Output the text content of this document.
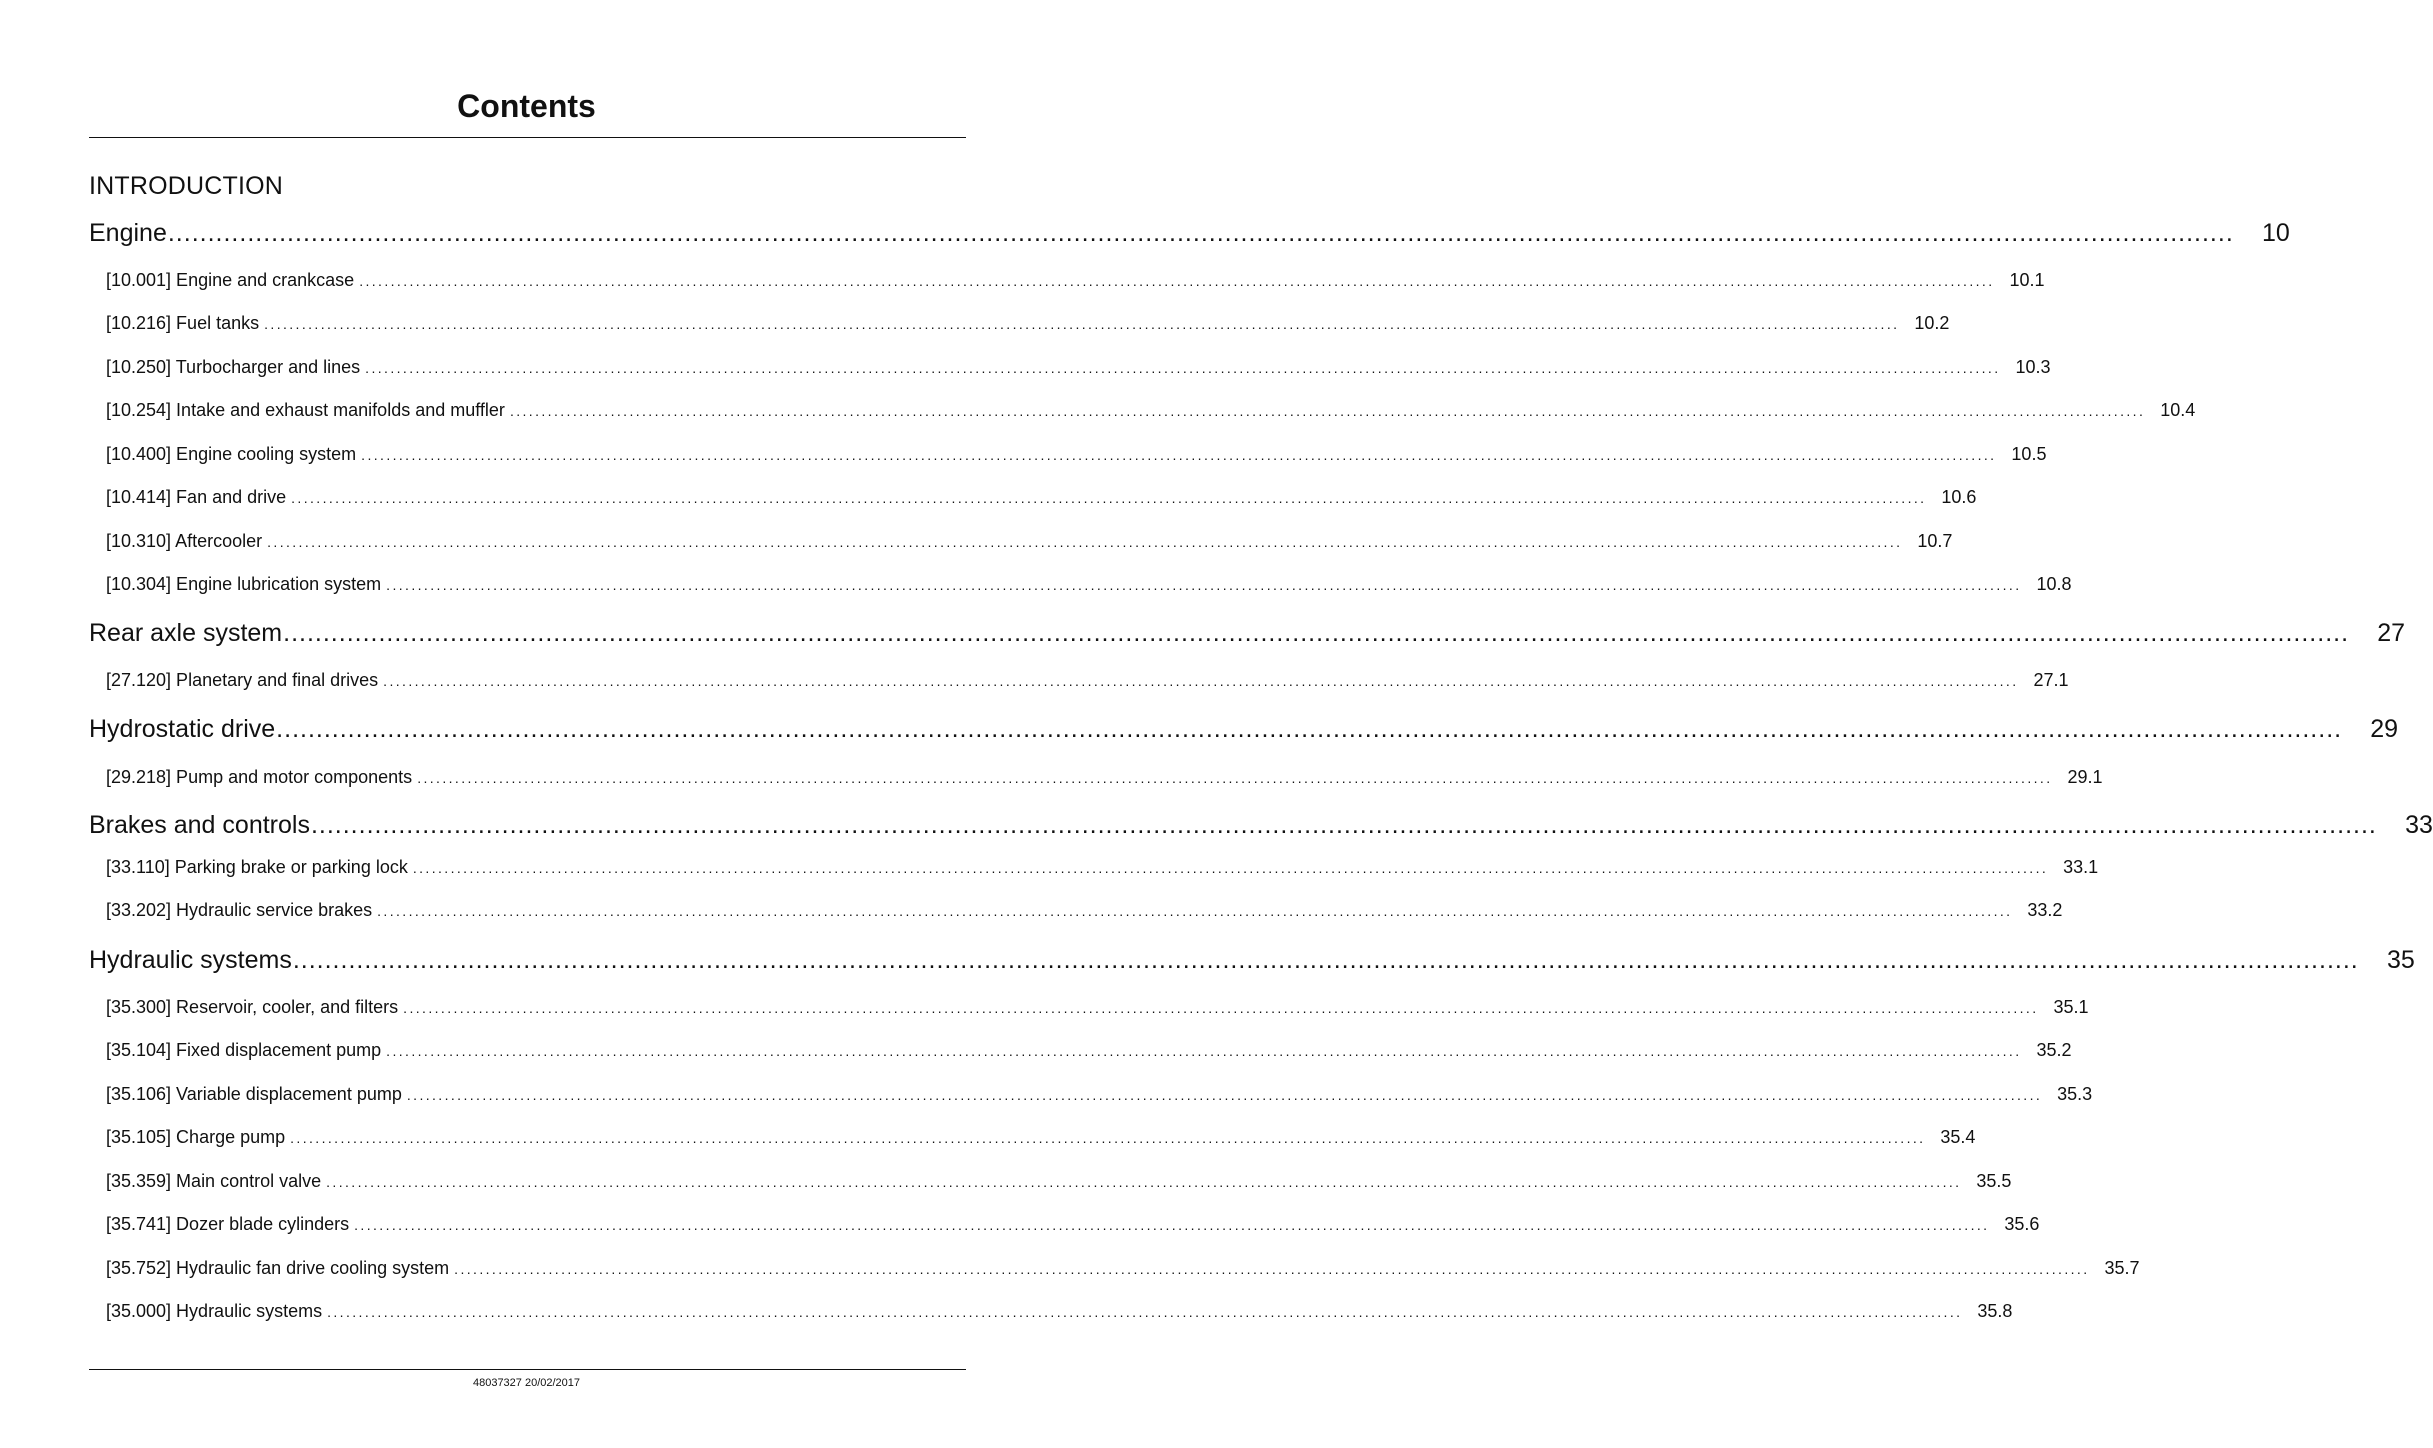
Contents
INTRODUCTION
Engine ....................................................................................................................................................................................................................................................................	10
[10.001] Engine and crankcase .................................................................................................................................................................................................................................................................... 10.1
[10.216] Fuel tanks .................................................................................................................................................................................................................................................................... 10.2
[10.250] Turbocharger and lines .................................................................................................................................................................................................................................................................... 10.3
[10.254] Intake and exhaust manifolds and muffler .................................................................................................................................................................................................................................................................... 10.4
[10.400] Engine cooling system .................................................................................................................................................................................................................................................................... 10.5
[10.414] Fan and drive .................................................................................................................................................................................................................................................................... 10.6
[10.310] Aftercooler .................................................................................................................................................................................................................................................................... 10.7
[10.304] Engine lubrication system .................................................................................................................................................................................................................................................................... 10.8
Rear axle system ....................................................................................................................................................................................................................................................................	27
[27.120] Planetary and final drives .................................................................................................................................................................................................................................................................... 27.1
Hydrostatic drive ....................................................................................................................................................................................................................................................................	29
[29.218] Pump and motor components .................................................................................................................................................................................................................................................................... 29.1
Brakes and controls ....................................................................................................................................................................................................................................................................	33
[33.110] Parking brake or parking lock .................................................................................................................................................................................................................................................................... 33.1
[33.202] Hydraulic service brakes .................................................................................................................................................................................................................................................................... 33.2
Hydraulic systems ....................................................................................................................................................................................................................................................................	35
[35.300] Reservoir, cooler, and filters .................................................................................................................................................................................................................................................................... 35.1
[35.104] Fixed displacement pump .................................................................................................................................................................................................................................................................... 35.2
[35.106] Variable displacement pump .................................................................................................................................................................................................................................................................... 35.3
[35.105] Charge pump .................................................................................................................................................................................................................................................................... 35.4
[35.359] Main control valve .................................................................................................................................................................................................................................................................... 35.5
[35.741] Dozer blade cylinders .................................................................................................................................................................................................................................................................... 35.6
[35.752] Hydraulic fan drive cooling system .................................................................................................................................................................................................................................................................... 35.7
[35.000] Hydraulic systems .................................................................................................................................................................................................................................................................... 35.8
48037327 20/02/2017
